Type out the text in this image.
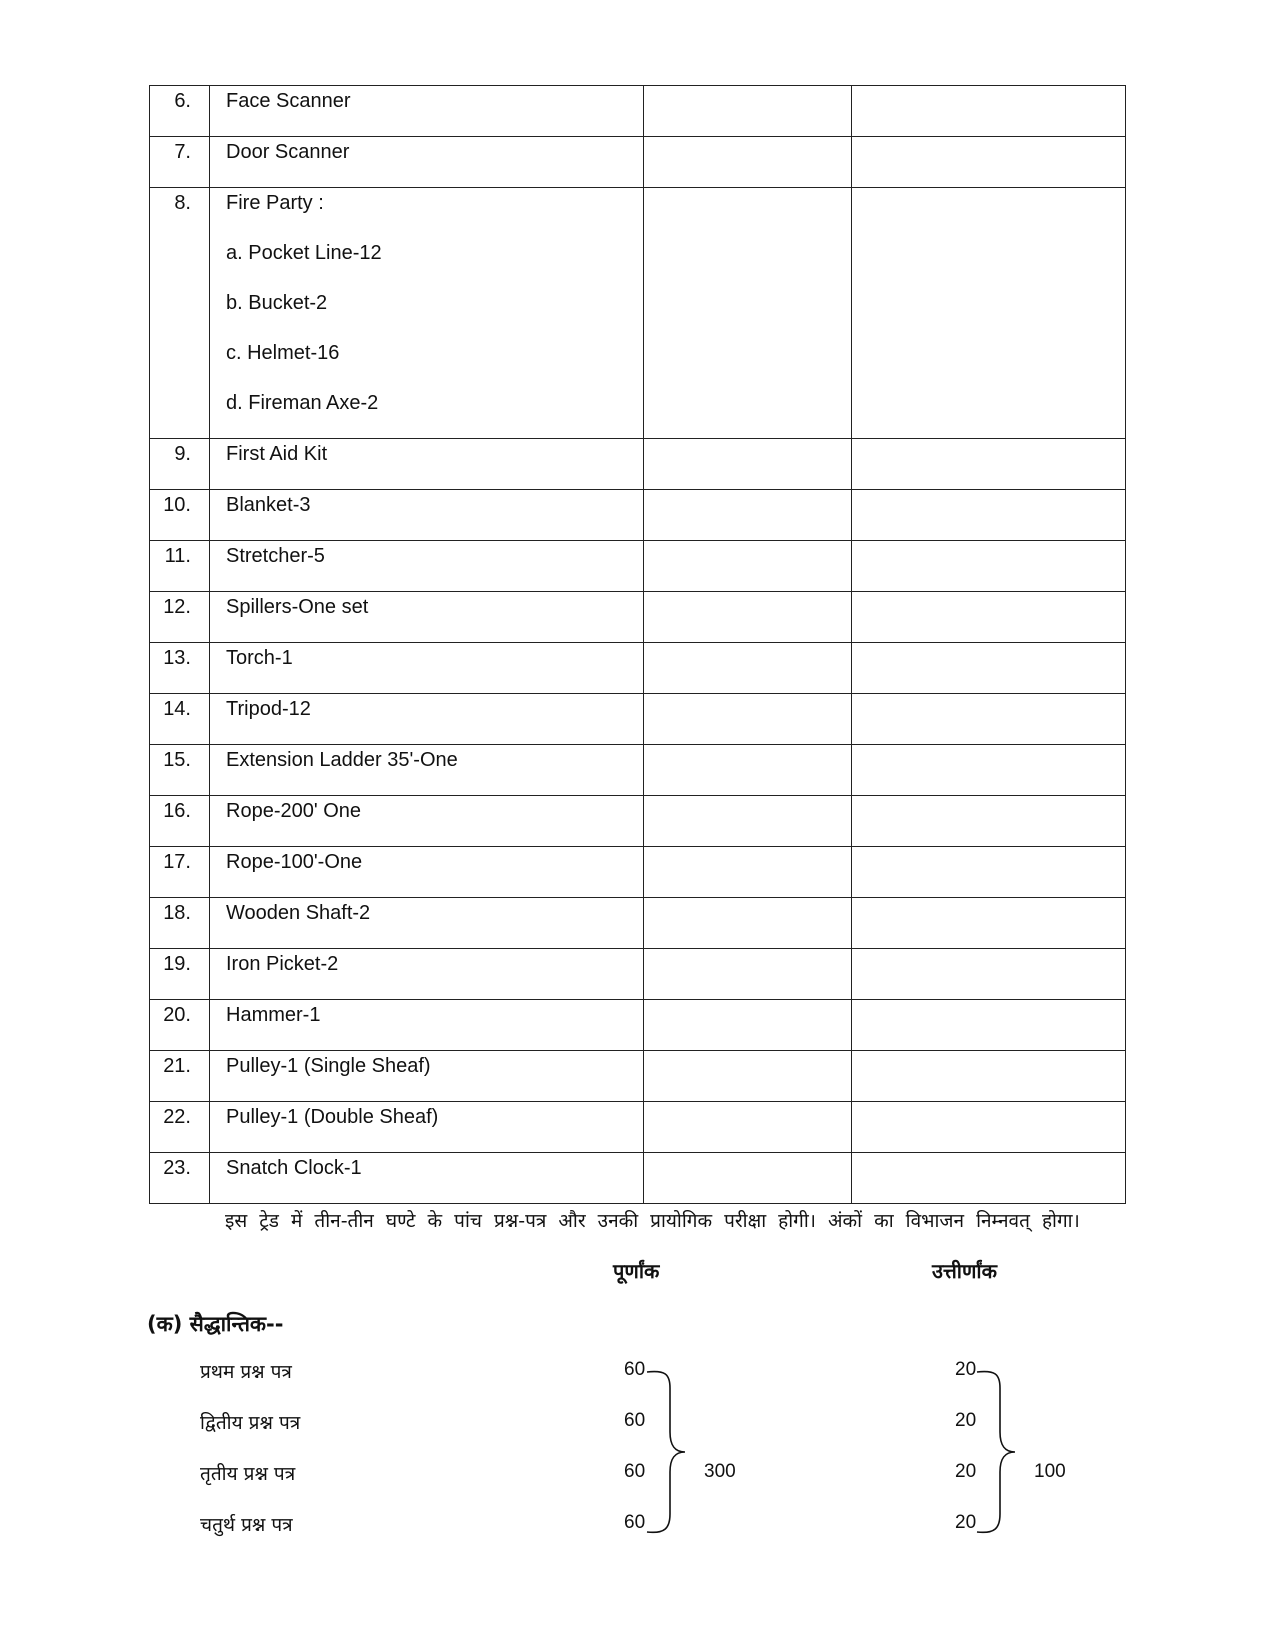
6.	Face Scanner		
7.	Door Scanner		
8.	Fire Party :
a. Pocket Line-12
b. Bucket-2
c. Helmet-16
d. Fireman Axe-2		

9.	First Aid Kit		
10.	Blanket-3		
11.	Stretcher-5		
12.	Spillers-One set		
13.	Torch-1		
14.	Tripod-12		
15.	Extension Ladder 35'-One		
16.	Rope-200' One		
17.	Rope-100'-One		
18.	Wooden Shaft-2		
19.	Iron Picket-2		
20.	Hammer-1		
21.	Pulley-1 (Single Sheaf)		
22.	Pulley-1 (Double Sheaf)		
23.	Snatch Clock-1		
इस ट्रेड में तीन-तीन घण्टे के पांच प्रश्न-पत्र और उनकी प्रायोगिक परीक्षा होगी। अंकों का विभाजन निम्नवत् होगा।
पूर्णांक	उत्तीर्णांक
(क) सैद्धान्तिक--
प्रथम प्रश्न पत्र	60	20
द्वितीय प्रश्न पत्र	60	20
तृतीय प्रश्न पत्र	60	20
चतुर्थ प्रश्न पत्र	60	20
300	100
